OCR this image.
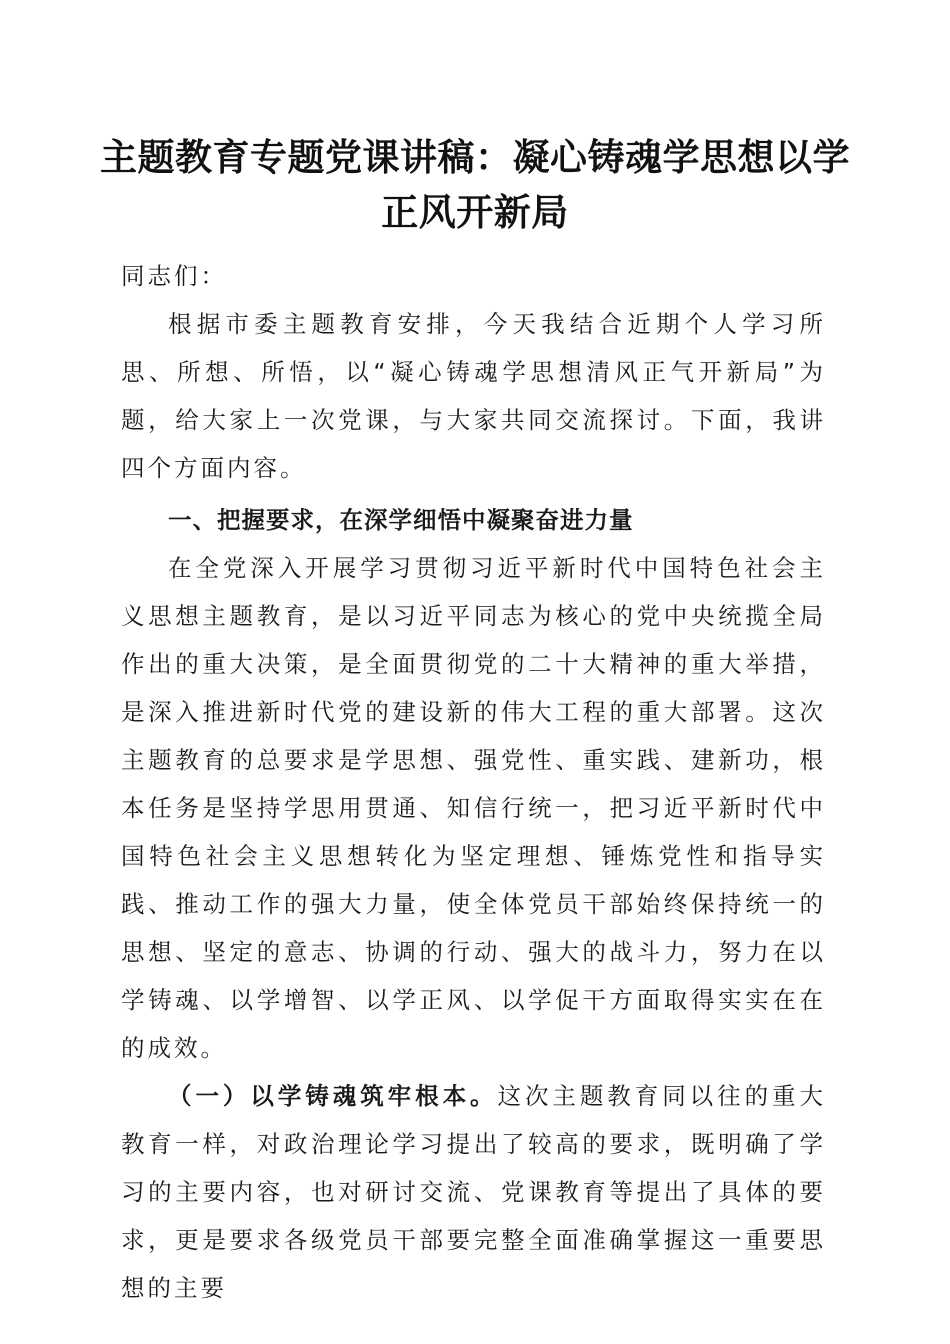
主题教育专题党课讲稿：凝心铸魂学思想以学正风开新局

同志们：

根据市委主题教育安排，今天我结合近期个人学习所思、所想、所悟，以“凝心铸魂学思想清风正气开新局”为题，给大家上一次党课，与大家共同交流探讨。下面，我讲四个方面内容。

一、把握要求，在深学细悟中凝聚奋进力量

在全党深入开展学习贯彻习近平新时代中国特色社会主义思想主题教育，是以习近平同志为核心的党中央统揽全局作出的重大决策，是全面贯彻党的二十大精神的重大举措，是深入推进新时代党的建设新的伟大工程的重大部署。这次主题教育的总要求是学思想、强党性、重实践、建新功，根本任务是坚持学思用贯通、知信行统一，把习近平新时代中国特色社会主义思想转化为坚定理想、锤炼党性和指导实践、推动工作的强大力量，使全体党员干部始终保持统一的思想、坚定的意志、协调的行动、强大的战斗力，努力在以学铸魂、以学增智、以学正风、以学促干方面取得实实在在的成效。

（一）以学铸魂筑牢根本。这次主题教育同以往的重大教育一样，对政治理论学习提出了较高的要求，既明确了学习的主要内容，也对研讨交流、党课教育等提出了具体的要求，更是要求各级党员干部要完整全面准确掌握这一重要思想的主要
